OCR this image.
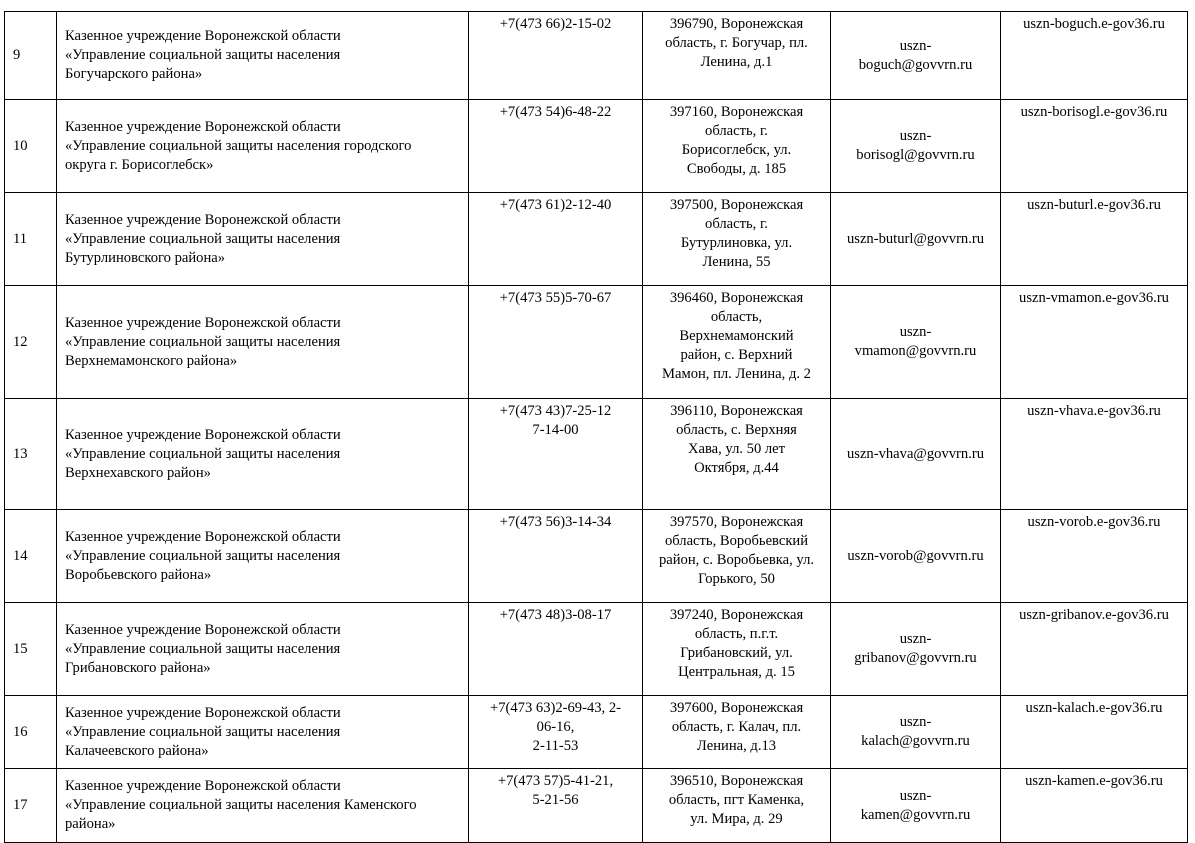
9	Казенное учреждение Воронежской области
«Управление социальной защиты населения
Богучарского района»	+7(473 66)2-15-02	396790, Воронежская
область, г. Богучар, пл.
Ленина, д.1	uszn-
boguch@govvrn.ru	uszn-boguch.e-gov36.ru

10	Казенное учреждение Воронежской области
«Управление социальной защиты населения городского
округа г. Борисоглебск»	+7(473 54)6-48-22	397160, Воронежская
область, г.
Борисоглебск, ул.
Свободы, д. 185	uszn-
borisogl@govvrn.ru	uszn-borisogl.e-gov36.ru

11	Казенное учреждение Воронежской области
«Управление социальной защиты населения
Бутурлиновского района»	+7(473 61)2-12-40	397500, Воронежская
область, г.
Бутурлиновка, ул.
Ленина, 55	uszn-buturl@govvrn.ru	uszn-buturl.e-gov36.ru

12	Казенное учреждение Воронежской области
«Управление социальной защиты населения
Верхнемамонского района»	+7(473 55)5-70-67	396460, Воронежская
область,
Верхнемамонский
район, с. Верхний
Мамон, пл. Ленина, д. 2	uszn-
vmamon@govvrn.ru	uszn-vmamon.e-gov36.ru

13	Казенное учреждение Воронежской области
«Управление социальной защиты населения
Верхнехавского район»	+7(473 43)7-25-12
7-14-00	396110, Воронежская
область, с. Верхняя
Хава, ул. 50 лет
Октября, д.44	uszn-vhava@govvrn.ru	uszn-vhava.e-gov36.ru

14	Казенное учреждение Воронежской области
«Управление социальной защиты населения
Воробьевского района»	+7(473 56)3-14-34	397570, Воронежская
область, Воробьевский
район, с. Воробьевка, ул.
Горького, 50	uszn-vorob@govvrn.ru	uszn-vorob.e-gov36.ru

15	Казенное учреждение Воронежской области
«Управление социальной защиты населения
Грибановского района»	+7(473 48)3-08-17	397240, Воронежская
область, п.г.т.
Грибановский, ул.
Центральная, д. 15	uszn-
gribanov@govvrn.ru	uszn-gribanov.e-gov36.ru

16	Казенное учреждение Воронежской области
«Управление социальной защиты населения
Калачеевского района»	+7(473 63)2-69-43, 2-
06-16,
2-11-53	397600, Воронежская
область, г. Калач, пл.
Ленина, д.13	uszn-
kalach@govvrn.ru	uszn-kalach.e-gov36.ru

17	Казенное учреждение Воронежской области
«Управление социальной защиты населения Каменского
района»	+7(473 57)5-41-21,
5-21-56	396510, Воронежская
область, пгт Каменка,
ул. Мира, д. 29	uszn-
kamen@govvrn.ru	uszn-kamen.e-gov36.ru
